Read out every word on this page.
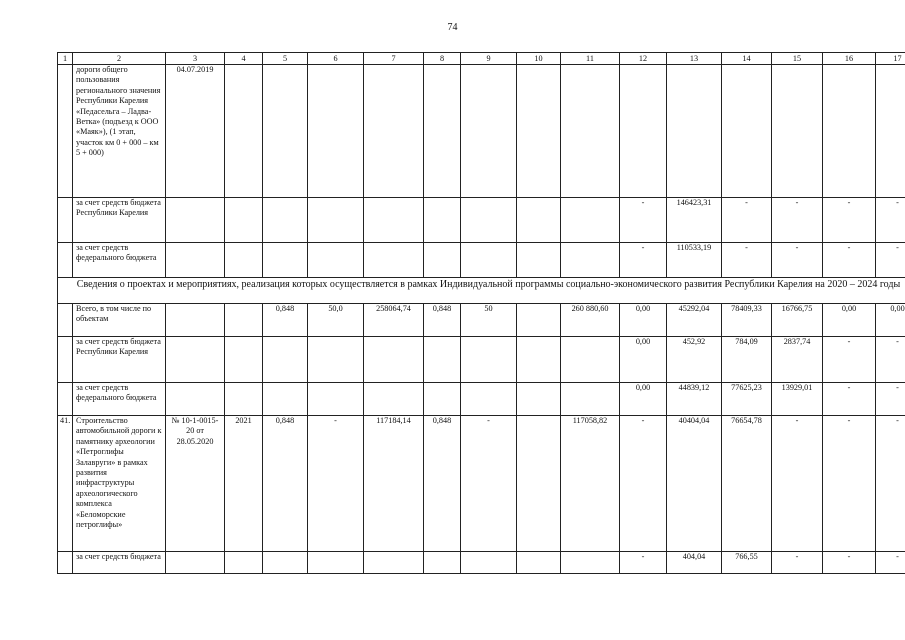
74
1	2	3	4	5	6	7	8	9	10	11	12	13	14	15	16	17
	дороги общего пользования регионального значения Республики Карелия «Педасельга – Ладва-Ветка» (подъезд к ООО «Маяк»), (1 этап, участок км 0 + 000 – км 5 + 000)	04.07.2019														
	за счет средств бюджета Республики Карелия										-	146423,31	-	-	-	-
	за счет средств федерального бюджета										-	110533,19	-	-	-	-
Сведения о проектах и мероприятиях, реализация которых осуществляется в рамках Индивидуальной программы социально-экономического развития Республики Карелия на 2020 – 2024 годы																
	Всего, в том числе по объектам			0,848	50,0	258064,74	0,848	50		260 880,60	0,00	45292,04	78409,33	16766,75	0,00	0,00
	за счет средств бюджета Республики Карелия										0,00	452,92	784,09	2837,74	-	-
	за счет средств федерального бюджета										0,00	44839,12	77625,23	13929,01	-	-
41.	Строительство автомобильной дороги к памятнику археологии «Петроглифы Залавруги» в рамках развития инфраструктуры археологического комплекса «Беломорские петроглифы»	№ 10-1-0015-20 от 28.05.2020	2021	0,848	-	117184,14	0,848	-		117058,82	-	40404,04	76654,78	-	-	-
	за счет средств бюджета										-	404,04	766,55	-	-	-
